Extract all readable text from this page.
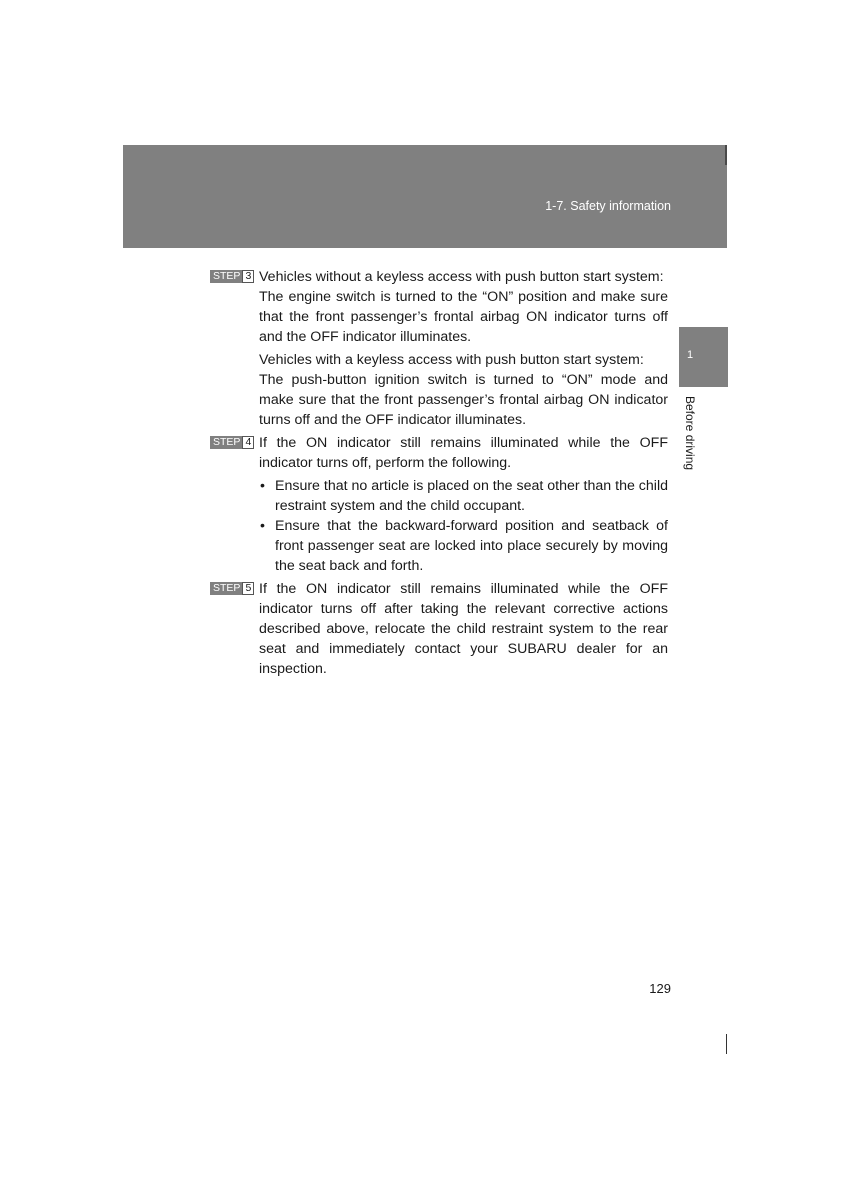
1-7. Safety information
1
Before driving
STEP 3 Vehicles without a keyless access with push button start system:

The engine switch is turned to the “ON” position and make sure that the front passenger’s frontal airbag ON indicator turns off and the OFF indicator illuminates.

Vehicles with a keyless access with push button start system:

The push-button ignition switch is turned to “ON” mode and make sure that the front passenger’s frontal airbag ON indicator turns off and the OFF indicator illuminates.

STEP 4 If the ON indicator still remains illuminated while the OFF indicator turns off, perform the following.

• Ensure that no article is placed on the seat other than the child restraint system and the child occupant.
• Ensure that the backward-forward position and seatback of front passenger seat are locked into place securely by moving the seat back and forth.
STEP 5 If the ON indicator still remains illuminated while the OFF indicator turns off after taking the relevant corrective actions described above, relocate the child restraint system to the rear seat and immediately contact your SUBARU dealer for an inspection.

129
